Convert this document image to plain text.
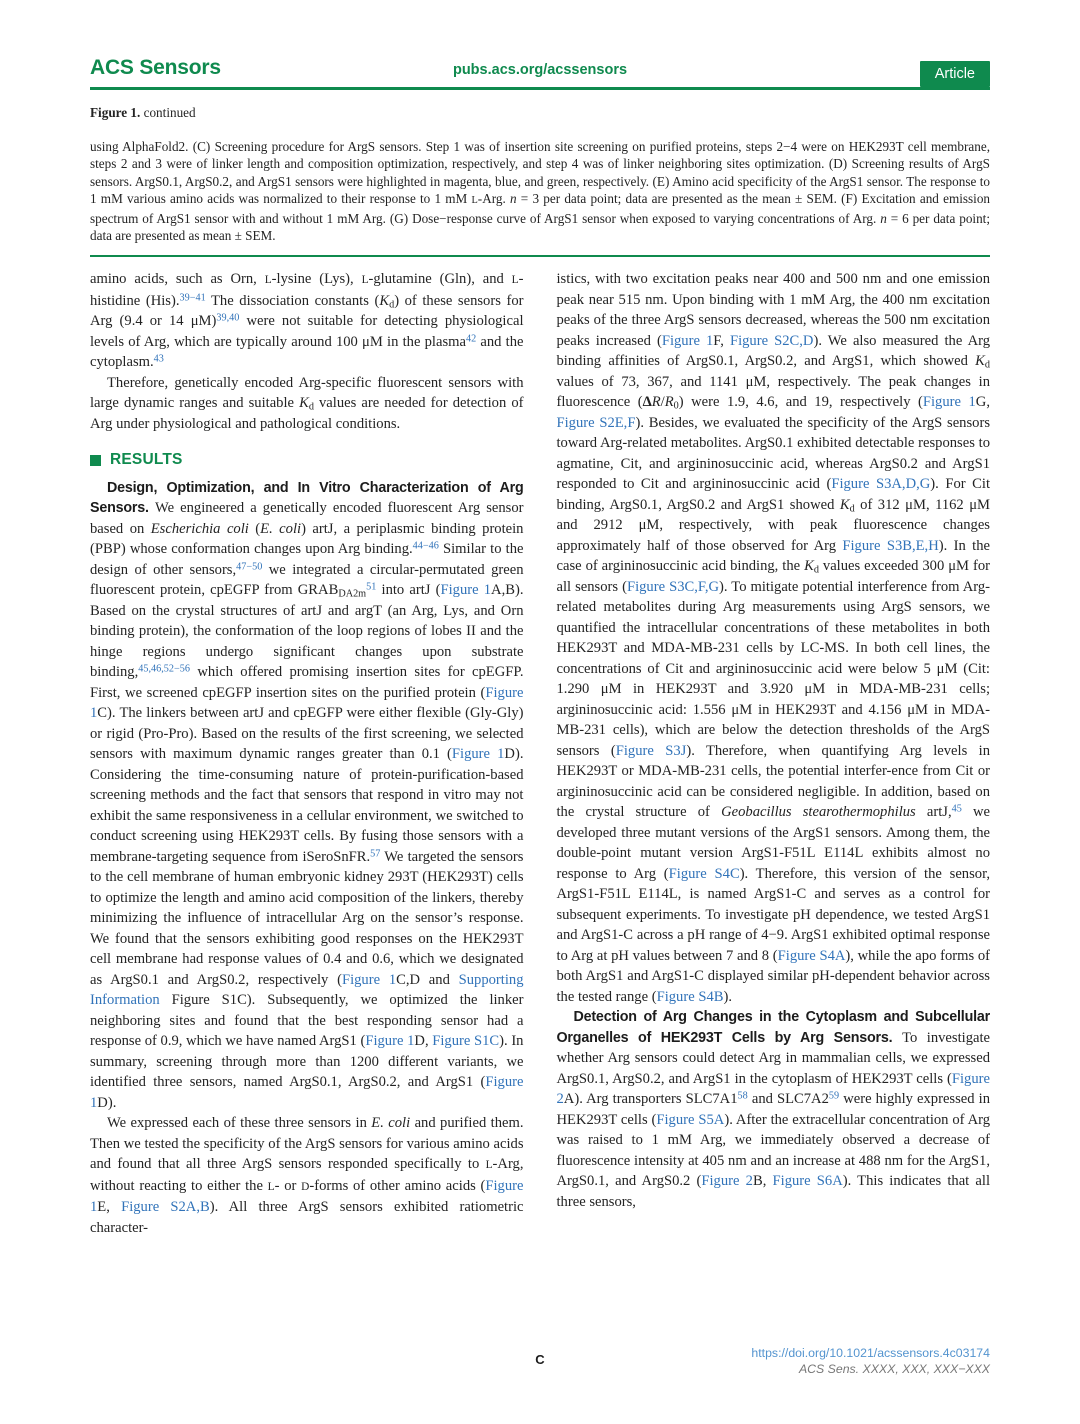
ACS Sensors	pubs.acs.org/acssensors	Article
Figure 1. continued
using AlphaFold2. (C) Screening procedure for ArgS sensors. Step 1 was of insertion site screening on purified proteins, steps 2−4 were on HEK293T cell membrane, steps 2 and 3 were of linker length and composition optimization, respectively, and step 4 was of linker neighboring sites optimization. (D) Screening results of ArgS sensors. ArgS0.1, ArgS0.2, and ArgS1 sensors were highlighted in magenta, blue, and green, respectively. (E) Amino acid specificity of the ArgS1 sensor. The response to 1 mM various amino acids was normalized to their response to 1 mM L-Arg. n = 3 per data point; data are presented as the mean ± SEM. (F) Excitation and emission spectrum of ArgS1 sensor with and without 1 mM Arg. (G) Dose−response curve of ArgS1 sensor when exposed to varying concentrations of Arg. n = 6 per data point; data are presented as mean ± SEM.

amino acids, such as Orn, L-lysine (Lys), L-glutamine (Gln), and L-histidine (His).$^{39-41}$ The dissociation constants (Kd) of these sensors for Arg (9.4 or 14 μM)$^{39,40}$ were not suitable for detecting physiological levels of Arg, which are typically around 100 μM in the plasma$^{42}$ and the cytoplasm.$^{43}$

Therefore, genetically encoded Arg-specific fluorescent sensors with large dynamic ranges and suitable Kd values are needed for detection of Arg under physiological and pathological conditions.

RESULTS

Design, Optimization, and In Vitro Characterization of Arg Sensors. We engineered a genetically encoded fluorescent Arg sensor based on Escherichia coli (E. coli) artJ, a periplasmic binding protein (PBP) whose conformation changes upon Arg binding.$^{44-46}$ Similar to the design of other sensors,$^{47-50}$ we integrated a circular-permutated green fluorescent protein, cpEGFP from $GRABDA2m^{51}$ into artJ (Figure 1A,B). Based on the crystal structures of artJ and argT (an Arg, Lys, and Orn binding protein), the conformation of the loop regions of lobes II and the hinge regions undergo significant changes upon substrate binding,$^{45,46,52-56}$ which offered promising insertion sites for cpEGFP. First, we screened cpEGFP insertion sites on the purified protein (Figure 1C). The linkers between artJ and cpEGFP were either flexible (Gly-Gly) or rigid (Pro-Pro). Based on the results of the first screening, we selected sensors with maximum dynamic ranges greater than 0.1 (Figure 1D). Considering the time-consuming nature of protein-purification-based screening methods and the fact that sensors that respond in vitro may not exhibit the same responsiveness in a cellular environment, we switched to conduct screening using HEK293T cells. By fusing those sensors with a membrane-targeting sequence from iSeroSnFR.$^{57}$ We targeted the sensors to the cell membrane of human embryonic kidney 293T (HEK293T) cells to optimize the length and amino acid composition of the linkers, thereby minimizing the influence of intracellular Arg on the sensor’s response. We found that the sensors exhibiting good responses on the HEK293T cell membrane had response values of 0.4 and 0.6, which we designated as ArgS0.1 and ArgS0.2, respectively (Figure 1C,D and Supporting Information Figure S1C). Subsequently, we optimized the linker neighboring sites and found that the best responding sensor had a response of 0.9, which we have named ArgS1 (Figure 1D, Figure S1C). In summary, screening through more than 1200 different variants, we identified three sensors, named ArgS0.1, ArgS0.2, and ArgS1 (Figure 1D).

We expressed each of these three sensors in E. coli and purified them. Then we tested the specificity of the ArgS sensors for various amino acids and found that all three ArgS sensors responded specifically to L-Arg, without reacting to either the L- or D-forms of other amino acids (Figure 1E, Figure S2A,B). All three ArgS sensors exhibited ratiometric character-

istics, with two excitation peaks near 400 and 500 nm and one emission peak near 515 nm. Upon binding with 1 mM Arg, the 400 nm excitation peaks of the three ArgS sensors decreased, whereas the 500 nm excitation peaks increased (Figure 1F, Figure S2C,D). We also measured the Arg binding affinities of ArgS0.1, ArgS0.2, and ArgS1, which showed Kd values of 73, 367, and 1141 μM, respectively. The peak changes in fluorescence (ΔR/R0) were 1.9, 4.6, and 19, respectively (Figure 1G, Figure S2E,F). Besides, we evaluated the specificity of the ArgS sensors toward Arg-related metabolites. ArgS0.1 exhibited detectable responses to agmatine, Cit, and argininosuccinic acid, whereas ArgS0.2 and ArgS1 responded to Cit and argininosuccinic acid (Figure S3A,D,G). For Cit binding, ArgS0.1, ArgS0.2 and ArgS1 showed Kd of 312 μM, 1162 μM and 2912 μM, respectively, with peak fluorescence changes approximately half of those observed for Arg Figure S3B,E,H). In the case of argininosuccinic acid binding, the Kd values exceeded 300 μM for all sensors (Figure S3C,F,G). To mitigate potential interference from Arg-related metabolites during Arg measurements using ArgS sensors, we quantified the intracellular concentrations of these metabolites in both HEK293T and MDA-MB-231 cells by LC-MS. In both cell lines, the concentrations of Cit and argininosuccinic acid were below 5 μM (Cit: 1.290 μM in HEK293T and 3.920 μM in MDA-MB-231 cells; argininosuccinic acid: 1.556 μM in HEK293T and 4.156 μM in MDA-MB-231 cells), which are below the detection thresholds of the ArgS sensors (Figure S3J). Therefore, when quantifying Arg levels in HEK293T or MDA-MB-231 cells, the potential interfer-ence from Cit or argininosuccinic acid can be considered negligible. In addition, based on the crystal structure of Geobacillus stearothermophilus artJ,$^{45}$ we developed three mutant versions of the ArgS1 sensors. Among them, the double-point mutant version ArgS1-F51L E114L exhibits almost no response to Arg (Figure S4C). Therefore, this version of the sensor, ArgS1-F51L E114L, is named ArgS1-C and serves as a control for subsequent experiments. To investigate pH dependence, we tested ArgS1 and ArgS1-C across a pH range of 4−9. ArgS1 exhibited optimal response to Arg at pH values between 7 and 8 (Figure S4A), while the apo forms of both ArgS1 and ArgS1-C displayed similar pH-dependent behavior across the tested range (Figure S4B).

Detection of Arg Changes in the Cytoplasm and Subcellular Organelles of HEK293T Cells by Arg Sensors. To investigate whether Arg sensors could detect Arg in mammalian cells, we expressed ArgS0.1, ArgS0.2, and ArgS1 in the cytoplasm of HEK293T cells (Figure 2A). Arg transporters $SLC7A1^{58}$ and $SLC7A2^{59}$ were highly expressed in HEK293T cells (Figure S5A). After the extracellular concentration of Arg was raised to 1 mM Arg, we immediately observed a decrease of fluorescence intensity at 405 nm and an increase at 488 nm for the ArgS1, ArgS0.1, and ArgS0.2 (Figure 2B, Figure S6A). This indicates that all three sensors,

C	https://doi.org/10.1021/acssensors.4c03174
ACS Sens. XXXX, XXX, XXX−XXX
